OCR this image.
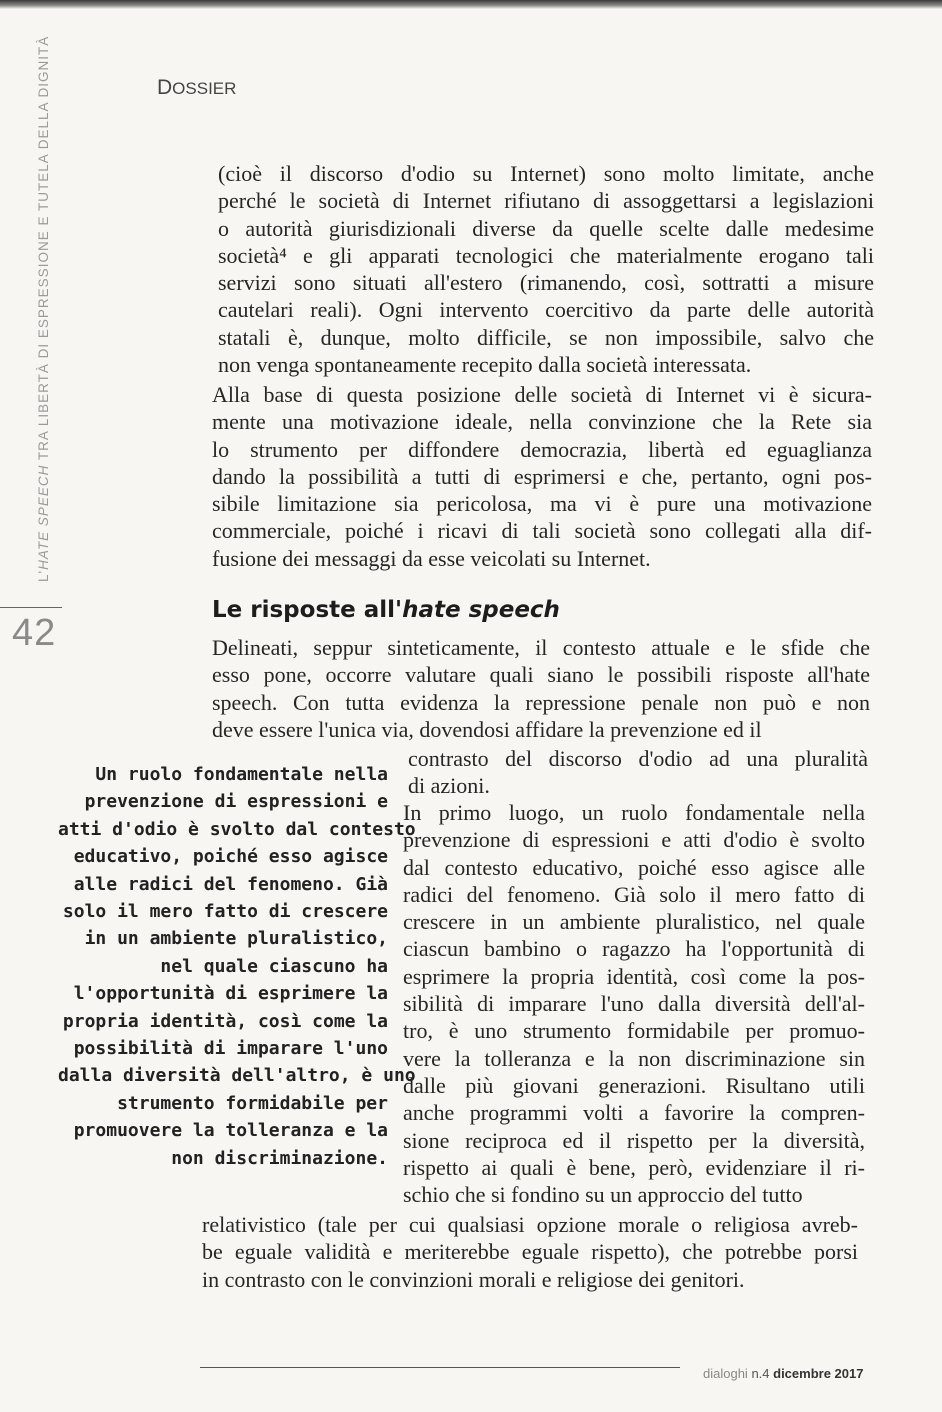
L'HATE SPEECH TRA LIBERTÀ DI ESPRESSIONE E TUTELA DELLA DIGNITÀ
42
DOSSIER
(cioè il discorso d'odio su Internet) sono molto limitate, anche
perché le società di Internet rifiutano di assoggettarsi a legislazioni
o autorità giurisdizionali diverse da quelle scelte dalle medesime
società⁴ e gli apparati tecnologici che materialmente erogano tali
servizi sono situati all'estero (rimanendo, così, sottratti a misure
cautelari reali). Ogni intervento coercitivo da parte delle autorità
statali è, dunque, molto difficile, se non impossibile, salvo che
non venga spontaneamente recepito dalla società interessata.
Alla base di questa posizione delle società di Internet vi è sicura-
mente una motivazione ideale, nella convinzione che la Rete sia
lo strumento per diffondere democrazia, libertà ed eguaglianza
dando la possibilità a tutti di esprimersi e che, pertanto, ogni pos-
sibile limitazione sia pericolosa, ma vi è pure una motivazione
commerciale, poiché i ricavi di tali società sono collegati alla dif-
fusione dei messaggi da esse veicolati su Internet.
Le risposte all'hate speech
Delineati, seppur sinteticamente, il contesto attuale e le sfide che
esso pone, occorre valutare quali siano le possibili risposte all'hate
speech. Con tutta evidenza la repressione penale non può e non
deve essere l'unica via, dovendosi affidare la prevenzione ed il
contrasto del discorso d'odio ad una pluralità
di azioni.
In primo luogo, un ruolo fondamentale nella
prevenzione di espressioni e atti d'odio è svolto
dal contesto educativo, poiché esso agisce alle
radici del fenomeno. Già solo il mero fatto di
crescere in un ambiente pluralistico, nel quale
ciascun bambino o ragazzo ha l'opportunità di
esprimere la propria identità, così come la pos-
sibilità di imparare l'uno dalla diversità dell'al-
tro, è uno strumento formidabile per promuo-
vere la tolleranza e la non discriminazione sin
dalle più giovani generazioni. Risultano utili
anche programmi volti a favorire la compren-
sione reciproca ed il rispetto per la diversità,
rispetto ai quali è bene, però, evidenziare il ri-
schio che si fondino su un approccio del tutto
relativistico (tale per cui qualsiasi opzione morale o religiosa avreb-
be eguale validità e meriterebbe eguale rispetto), che potrebbe porsi
in contrasto con le convinzioni morali e religiose dei genitori.
Un ruolo fondamentale nella
prevenzione di espressioni e
atti d'odio è svolto dal contesto
educativo, poiché esso agisce
alle radici del fenomeno. Già
solo il mero fatto di crescere
in un ambiente pluralistico,
nel quale ciascuno ha
l'opportunità di esprimere la
propria identità, così come la
possibilità di imparare l'uno
dalla diversità dell'altro, è uno
strumento formidabile per
promuovere la tolleranza e la
non discriminazione.
dialoghi n.4 dicembre 2017
